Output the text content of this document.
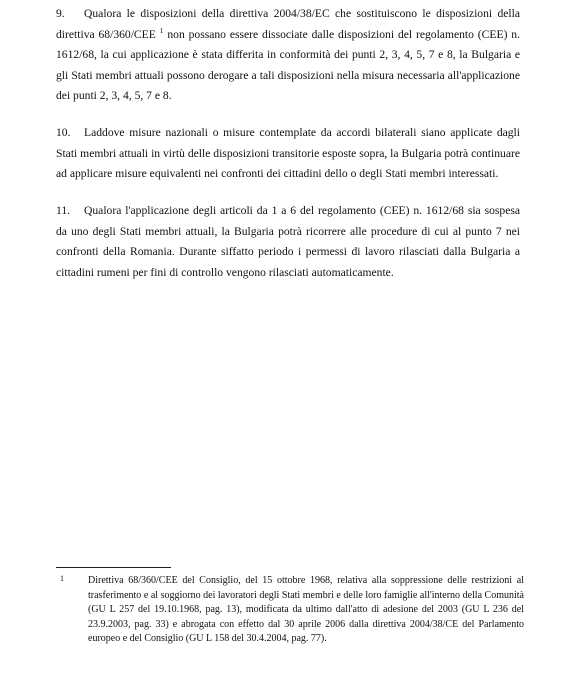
9. Qualora le disposizioni della direttiva 2004/38/EC che sostituiscono le disposizioni della direttiva 68/360/CEE $^1$ non possano essere dissociate dalle disposizioni del regolamento (CEE) n. 1612/68, la cui applicazione è stata differita in conformità dei punti 2, 3, 4, 5, 7 e 8, la Bulgaria e gli Stati membri attuali possono derogare a tali disposizioni nella misura necessaria all'applicazione dei punti 2, 3, 4, 5, 7 e 8.

10. Laddove misure nazionali o misure contemplate da accordi bilaterali siano applicate dagli Stati membri attuali in virtù delle disposizioni transitorie esposte sopra, la Bulgaria potrà continuare ad applicare misure equivalenti nei confronti dei cittadini dello o degli Stati membri interessati.

11. Qualora l'applicazione degli articoli da 1 a 6 del regolamento (CEE) n. 1612/68 sia sospesa da uno degli Stati membri attuali, la Bulgaria potrà ricorrere alle procedure di cui al punto 7 nei confronti della Romania. Durante siffatto periodo i permessi di lavoro rilasciati dalla Bulgaria a cittadini rumeni per fini di controllo vengono rilasciati automaticamente.

1 Direttiva 68/360/CEE del Consiglio, del 15 ottobre 1968, relativa alla soppressione delle restrizioni al trasferimento e al soggiorno dei lavoratori degli Stati membri e delle loro famiglie all'interno della Comunità (GU L 257 del 19.10.1968, pag. 13), modificata da ultimo dall'atto di adesione del 2003 (GU L 236 del 23.9.2003, pag. 33) e abrogata con effetto dal 30 aprile 2006 dalla direttiva 2004/38/CE del Parlamento europeo e del Consiglio (GU L 158 del 30.4.2004, pag. 77).
